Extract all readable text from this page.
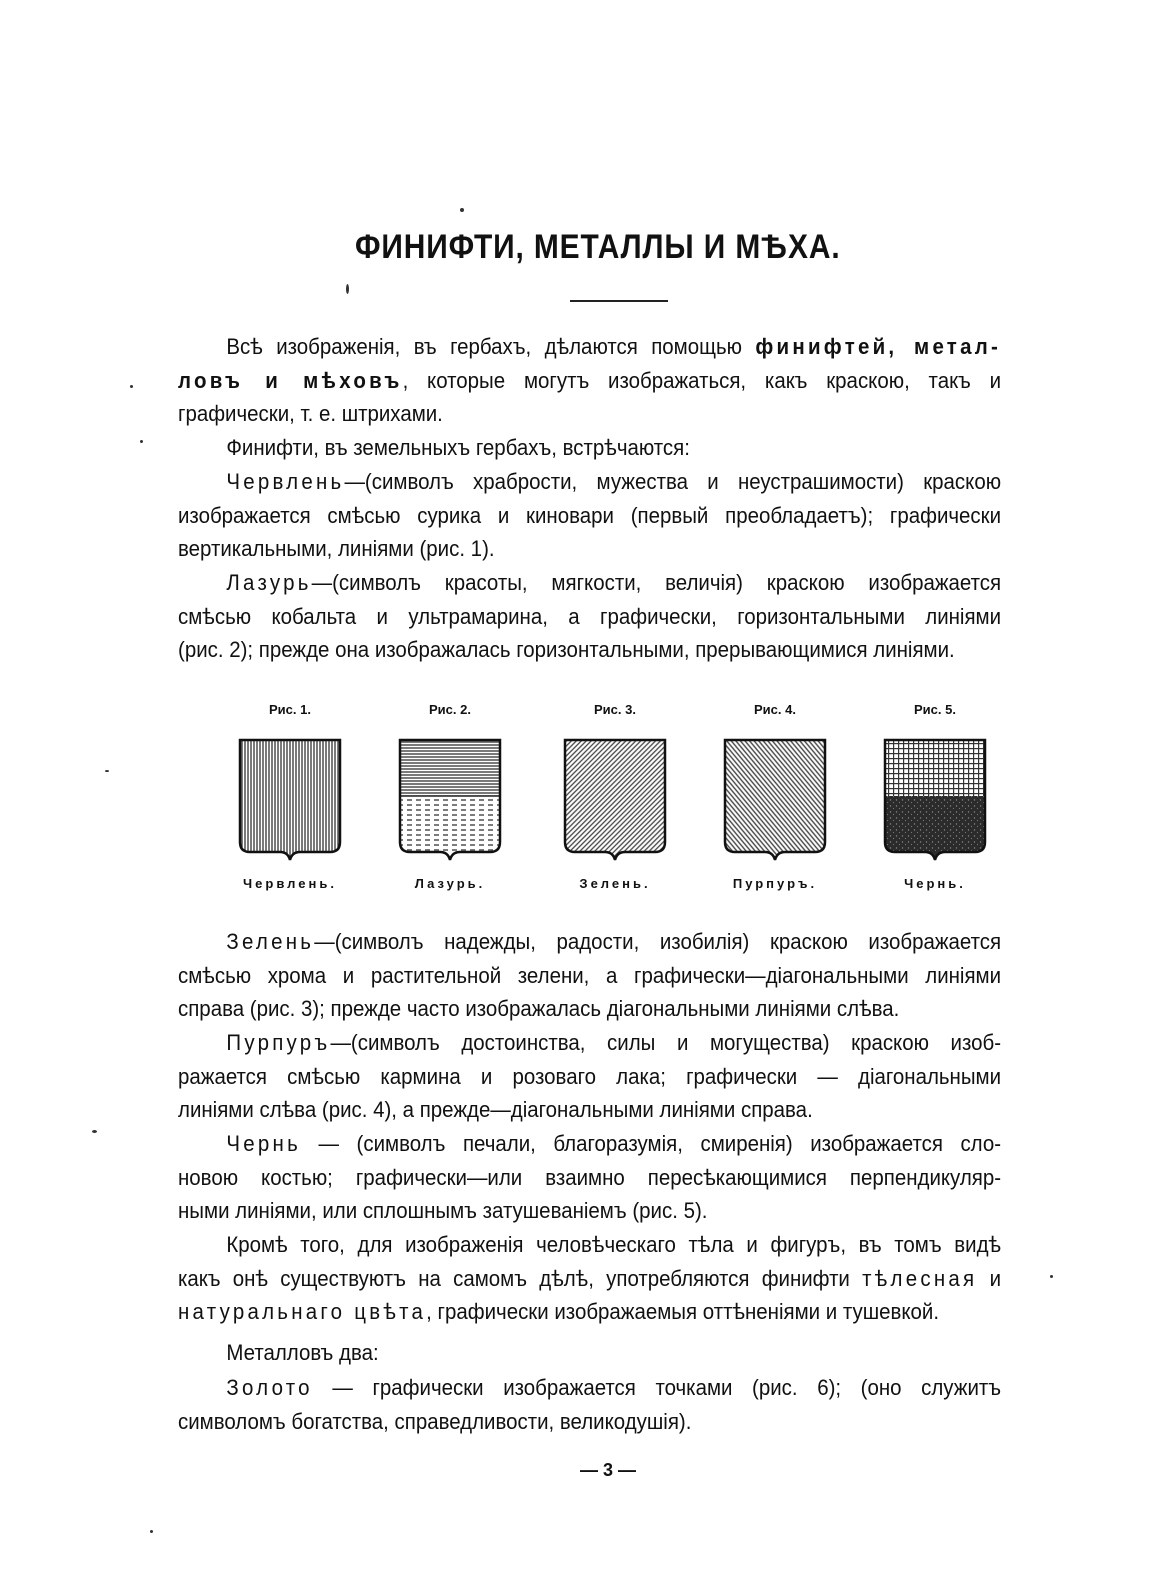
ФИНИФТИ, МЕТАЛЛЫ И МѢХА.
Всѣ изображенія, въ гербахъ, дѣлаются помощью финифтей, метал-
ловъ и мѣховъ, которые могутъ изображаться, какъ краскою, такъ и
графически, т. е. штрихами.
Финифти, въ земельныхъ гербахъ, встрѣчаются:
Червлень—(символъ храбрости, мужества и неустрашимости) краскою
изображается смѣсью сурика и киновари (первый преобладаетъ); графически
вертикальными, линіями (рис. 1).
Лазурь—(символъ красоты, мягкости, величія) краскою изображается
смѣсью кобальта и ультрамарина, а графически, горизонтальными линіями
(рис. 2); прежде она изображалась горизонтальными, прерывающимися линіями.
Рис. 1.
Червлень.
Рис. 2.
Лазурь.
Рис. 3.
Зелень.
Рис. 4.
Пурпуръ.
Рис. 5.
Чернь.
Зелень—(символъ надежды, радости, изобилія) краскою изображается
смѣсью хрома и растительной зелени, а графически—діагональными линіями
справа (рис. 3); прежде часто изображалась діагональными линіями слѣва.
Пурпуръ—(символъ достоинства, силы и могущества) краскою изоб-
ражается смѣсью кармина и розоваго лака; графически — діагональными
линіями слѣва (рис. 4), а прежде—діагональными линіями справа.
Чернь — (символъ печали, благоразумія, смиренія) изображается сло-
новою костью; графически—или взаимно пересѣкающимися перпендикуляр-
ными линіями, или сплошнымъ затушеваніемъ (рис. 5).
Кромѣ того, для изображенія человѣческаго тѣла и фигуръ, въ томъ видѣ
какъ онѣ существуютъ на самомъ дѣлѣ, употребляются финифти тѣлесная и
натуральнаго цвѣта, графически изображаемыя оттѣненіями и тушевкой.
Металловъ два:
Золото — графически изображается точками (рис. 6); (оно служитъ
символомъ богатства, справедливости, великодушія).
— 3 —
